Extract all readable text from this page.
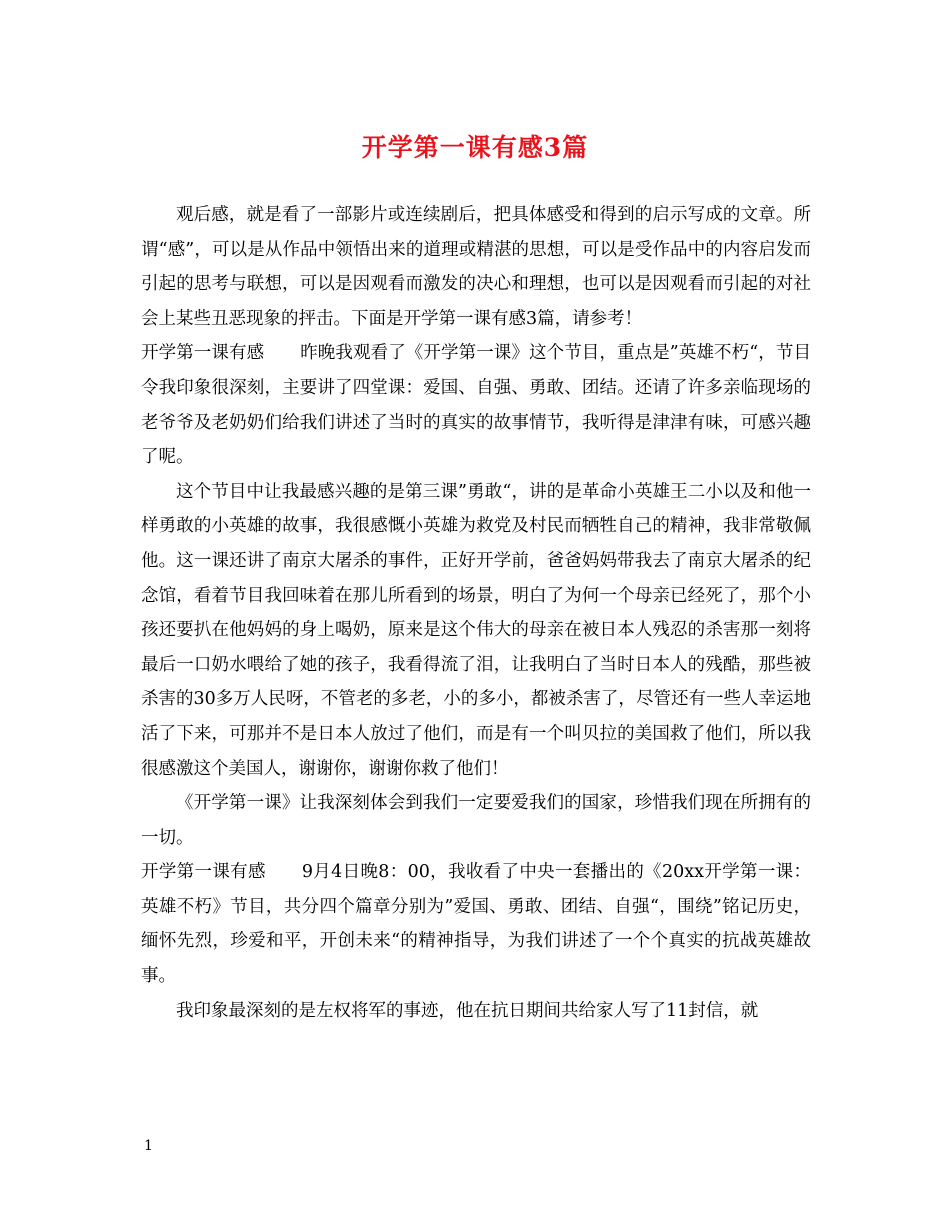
开学第一课有感3篇

观后感，就是看了一部影片或连续剧后，把具体感受和得到的启示写成的文章。所谓“感”，可以是从作品中领悟出来的道理或精湛的思想，可以是受作品中的内容启发而引起的思考与联想，可以是因观看而激发的决心和理想，也可以是因观看而引起的对社会上某些丑恶现象的抨击。下面是开学第一课有感3篇，请参考！

开学第一课有感 昨晚我观看了《开学第一课》这个节目，重点是”英雄不朽“，节目令我印象很深刻，主要讲了四堂课：爱国、自强、勇敢、团结。还请了许多亲临现场的老爷爷及老奶奶们给我们讲述了当时的真实的故事情节，我听得是津津有味，可感兴趣了呢。

这个节目中让我最感兴趣的是第三课”勇敢“，讲的是革命小英雄王二小以及和他一样勇敢的小英雄的故事，我很感慨小英雄为救党及村民而牺牲自己的精神，我非常敬佩他。这一课还讲了南京大屠杀的事件，正好开学前，爸爸妈妈带我去了南京大屠杀的纪念馆，看着节目我回味着在那儿所看到的场景，明白了为何一个母亲已经死了，那个小孩还要扒在他妈妈的身上喝奶，原来是这个伟大的母亲在被日本人残忍的杀害那一刻将最后一口奶水喂给了她的孩子，我看得流了泪，让我明白了当时日本人的残酷，那些被杀害的30多万人民呀，不管老的多老，小的多小，都被杀害了，尽管还有一些人幸运地活了下来，可那并不是日本人放过了他们，而是有一个叫贝拉的美国救了他们，所以我很感激这个美国人，谢谢你，谢谢你救了他们！

《开学第一课》让我深刻体会到我们一定要爱我们的国家，珍惜我们现在所拥有的一切。

开学第一课有感 9月4日晚8：00，我收看了中央一套播出的《20xx开学第一课：英雄不朽》节目，共分四个篇章分别为”爱国、勇敢、团结、自强“，围绕”铭记历史，缅怀先烈，珍爱和平，开创未来“的精神指导，为我们讲述了一个个真实的抗战英雄故事。

我印象最深刻的是左权将军的事迹，他在抗日期间共给家人写了11封信，就

1
